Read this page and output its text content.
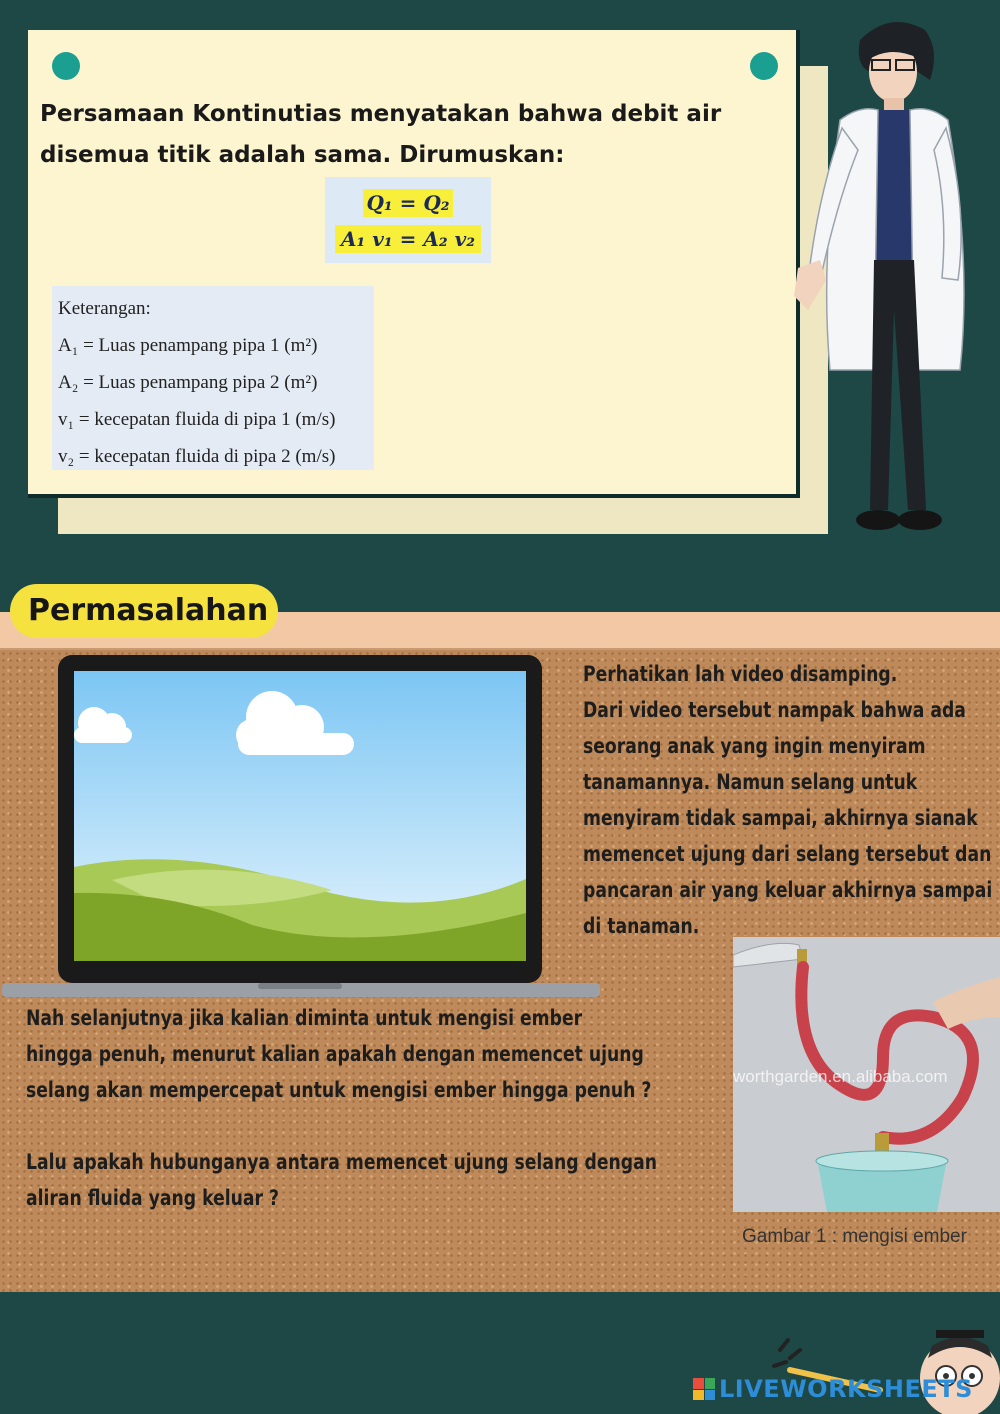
Persamaan Kontinutias menyatakan bahwa debit air
disemua titik adalah sama. Dirumuskan:
Q₁ = Q₂
A₁ v₁ = A₂ v₂
Keterangan:
A₁ = Luas penampang pipa 1 (m²)
A₂ = Luas penampang pipa 2 (m²)
v₁ = kecepatan fluida di pipa 1 (m/s)
v₂ = kecepatan fluida di pipa 2 (m/s)
Permasalahan

Perhatikan lah video disamping.

Dari video tersebut nampak bahwa ada

seorang anak yang ingin menyiram

tanamannya. Namun selang untuk

menyiram tidak sampai, akhirnya sianak

memencet ujung dari selang tersebut dan

pancaran air yang keluar akhirnya sampai

di tanaman.

Nah selanjutnya jika kalian diminta untuk mengisi ember

hingga penuh, menurut kalian apakah dengan memencet ujung

selang akan mempercepat untuk mengisi ember hingga penuh ?

Lalu apakah hubunganya antara memencet ujung selang dengan

aliran fluida yang keluar ?

worthgarden.en.alibaba.com
Gambar 1 : mengisi ember
LIVEWORKSHEETS
